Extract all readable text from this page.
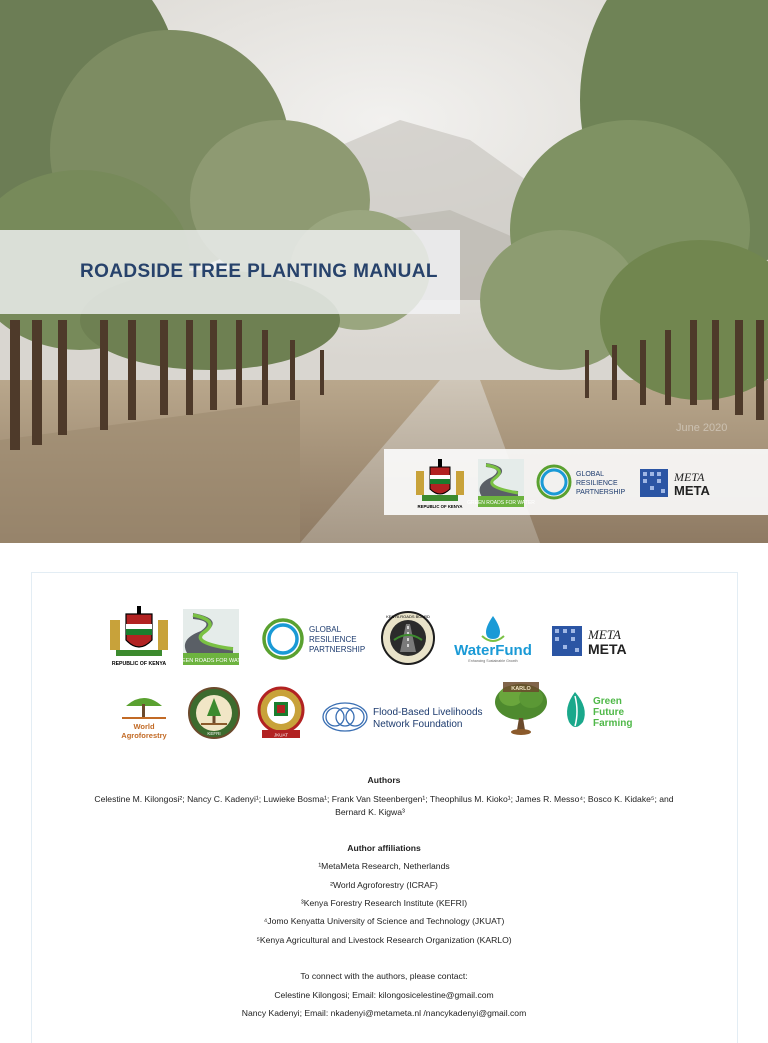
ROADSIDE TREE PLANTING MANUAL
June 2020
REPUBLIC OF KENYA
GREEN ROADS FOR WATER
GLOBAL
RESILIENCE
PARTNERSHIP
META
META
REPUBLIC OF KENYA GREEN ROADS FOR WATER
GLOBAL
RESILIENCE
PARTNERSHIP
KENYA ROADS BOARD
WaterFund
Enhancing Sustainable Growth
META
META
World
Agroforestry	KEFRI	JKUAT
Flood-Based Livelihoods
Network Foundation
KARLO
Green
Future
Farming
Authors
Celestine M. Kilongosi²; Nancy C. Kadenyi¹; Luwieke Bosma¹; Frank Van Steenbergen¹; Theophilus M. Kioko¹; James R. Messo⁴; Bosco K. Kidake⁵; and
Bernard K. Kigwa³
Author affiliations
¹MetaMeta Research, Netherlands
²World Agroforestry (ICRAF)
³Kenya Forestry Research Institute (KEFRI)
⁴Jomo Kenyatta University of Science and Technology (JKUAT)
⁵Kenya Agricultural and Livestock Research Organization (KARLO)
To connect with the authors, please contact:
Celestine Kilongosi; Email: kilongosicelestine@gmail.com
Nancy Kadenyi; Email: nkadenyi@metameta.nl /nancykadenyi@gmail.com
